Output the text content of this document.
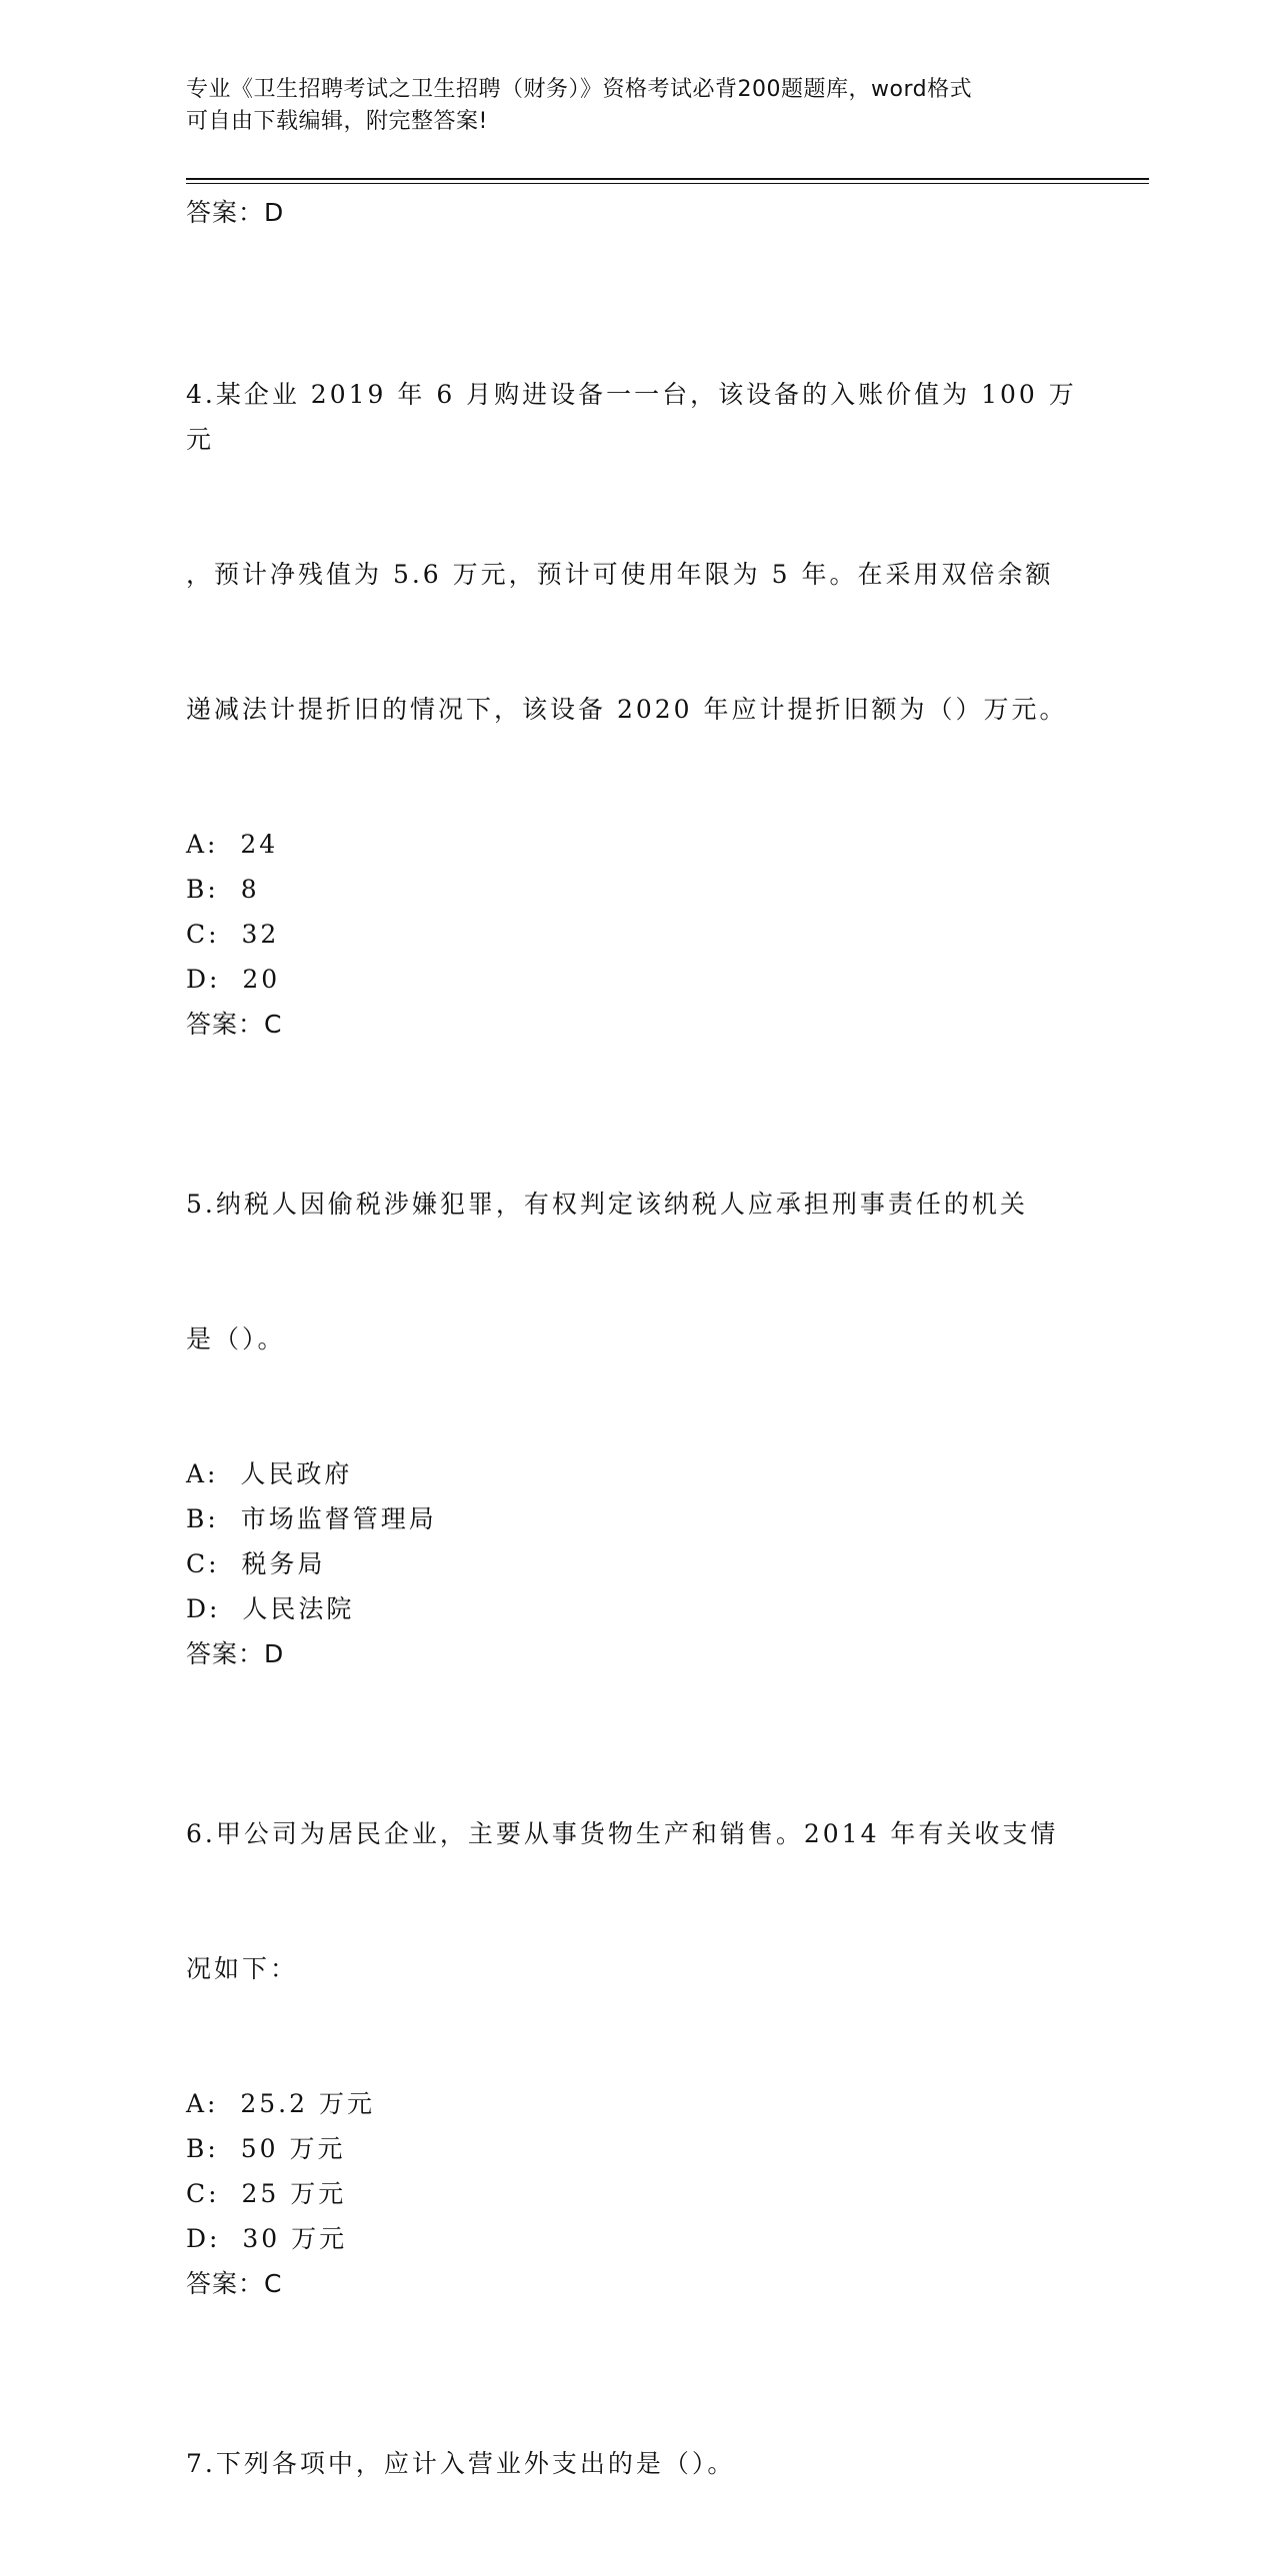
专业《卫生招聘考试之卫生招聘（财务）》资格考试必背200题题库，word格式
可自由下载编辑，附完整答案!
答案：D

4.某企业 2019 年 6 月购进设备一一台，该设备的入账价值为 100 万元

，预计净残值为 5.6 万元，预计可使用年限为 5 年。在采用双倍余额

递减法计提折旧的情况下，该设备 2020 年应计提折旧额为（）万元。

A:  24
B:  8
C:  32
D:  20
答案：C

5.纳税人因偷税涉嫌犯罪，有权判定该纳税人应承担刑事责任的机关

是（）。

A:  人民政府
B:  市场监督管理局
C:  税务局
D:  人民法院
答案：D

6.甲公司为居民企业，主要从事货物生产和销售。2014 年有关收支情

况如下：

A:  25.2 万元
B:  50 万元
C:  25 万元
D:  30 万元
答案：C

7.下列各项中，应计入营业外支出的是（）。
